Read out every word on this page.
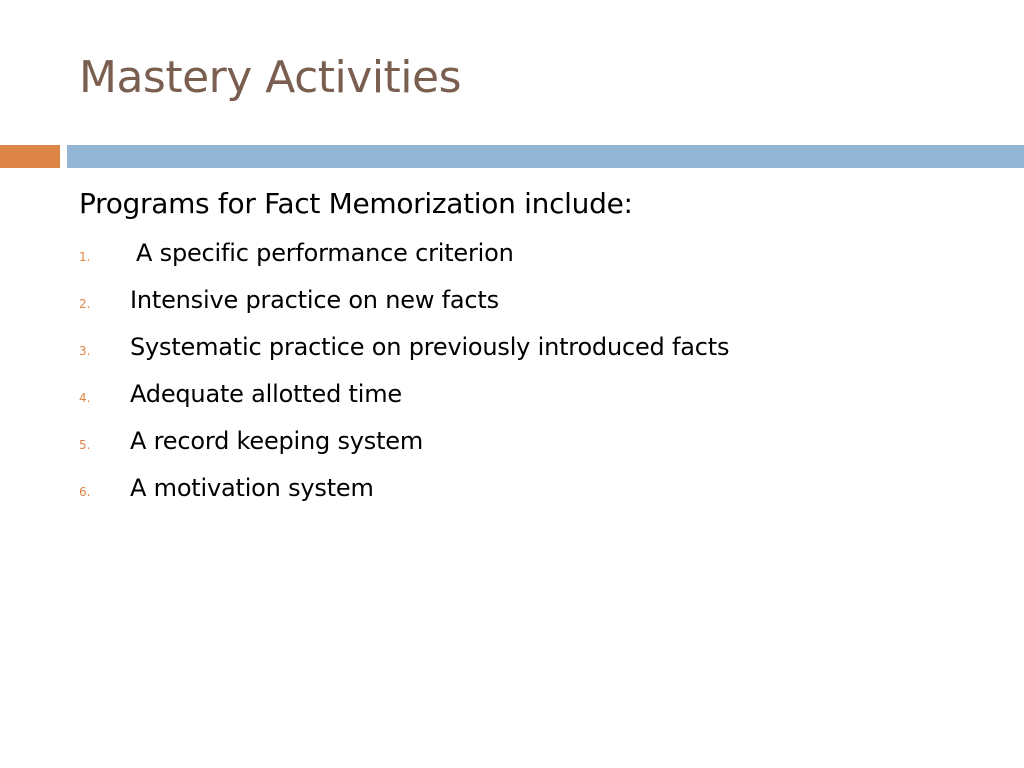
Mastery Activities
Programs for Fact Memorization include:
1. A specific performance criterion
2. Intensive practice on new facts
3. Systematic practice on previously introduced facts
4. Adequate allotted time
5. A record keeping system
6. A motivation system
